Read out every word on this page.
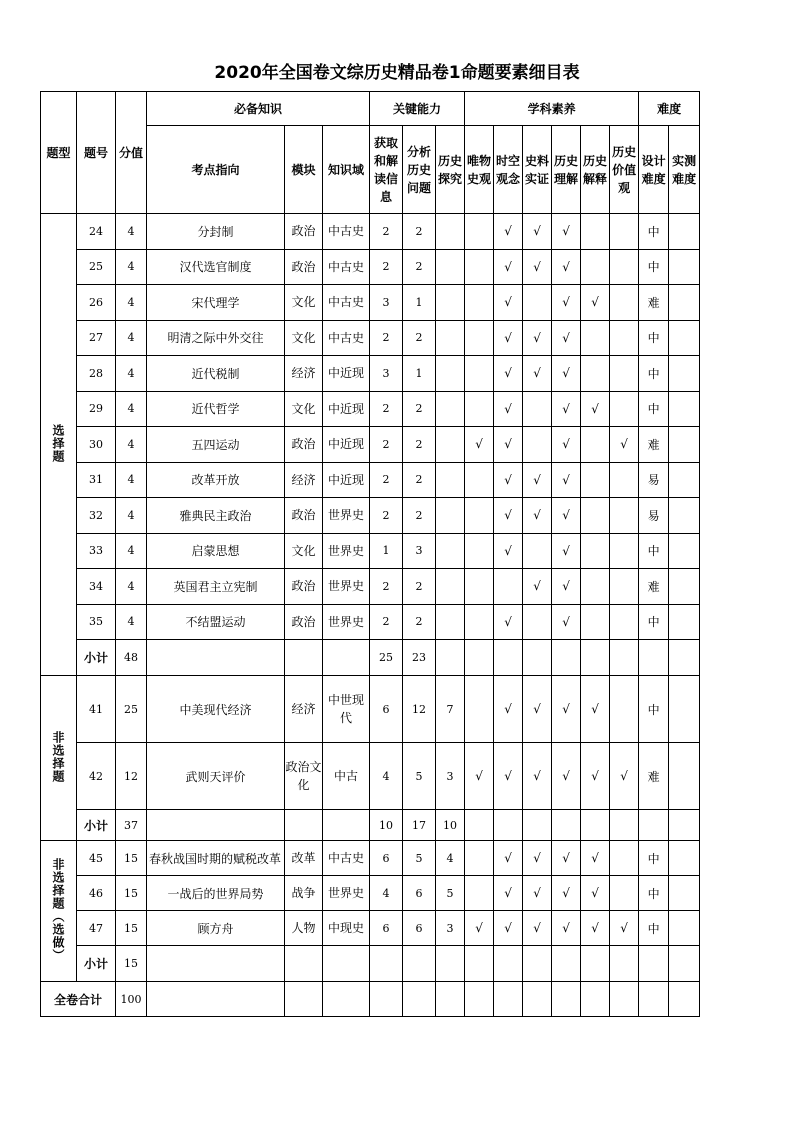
2020年全国卷文综历史精品卷1命题要素细目表
题型	题号	分值	必备知识			关键能力			学科素养						难度	
			考点指向	模块	知识域	获取和解读信息	分析历史问题	历史探究	唯物史观	时空观念	史料实证	历史理解	历史解释	历史价值观	设计难度	实测难度
选择题	24	4	分封制	政治	中古史	2	2			√	√	√			中	
	25	4	汉代选官制度	政治	中古史	2	2			√	√	√			中	
	26	4	宋代理学	文化	中古史	3	1			√		√	√		难	
	27	4	明清之际中外交往	文化	中古史	2	2			√	√	√			中	
	28	4	近代税制	经济	中近现	3	1			√	√	√			中	
	29	4	近代哲学	文化	中近现	2	2			√		√	√		中	
	30	4	五四运动	政治	中近现	2	2		√	√		√		√	难	
	31	4	改革开放	经济	中近现	2	2			√	√	√			易	
	32	4	雅典民主政治	政治	世界史	2	2			√	√	√			易	
	33	4	启蒙思想	文化	世界史	1	3			√		√			中	
	34	4	英国君主立宪制	政治	世界史	2	2				√	√			难	
	35	4	不结盟运动	政治	世界史	2	2			√		√			中	
	小计	48				25	23									
非选择题	41	25	中美现代经济	经济	中世现代	6	12	7		√	√	√	√		中	
	42	12	武则天评价	政治文化	中古	4	5	3	√	√	√	√	√	√	难	
	小计	37				10	17	10								
非选择题（选做）	45	15	春秋战国时期的赋税改革	改革	中古史	6	5	4		√	√	√	√		中	
	46	15	一战后的世界局势	战争	世界史	4	6	5		√	√	√	√		中	
	47	15	顾方舟	人物	中现史	6	6	3	√	√	√	√	√	√	中	
	小计	15														
全卷合计		100														
